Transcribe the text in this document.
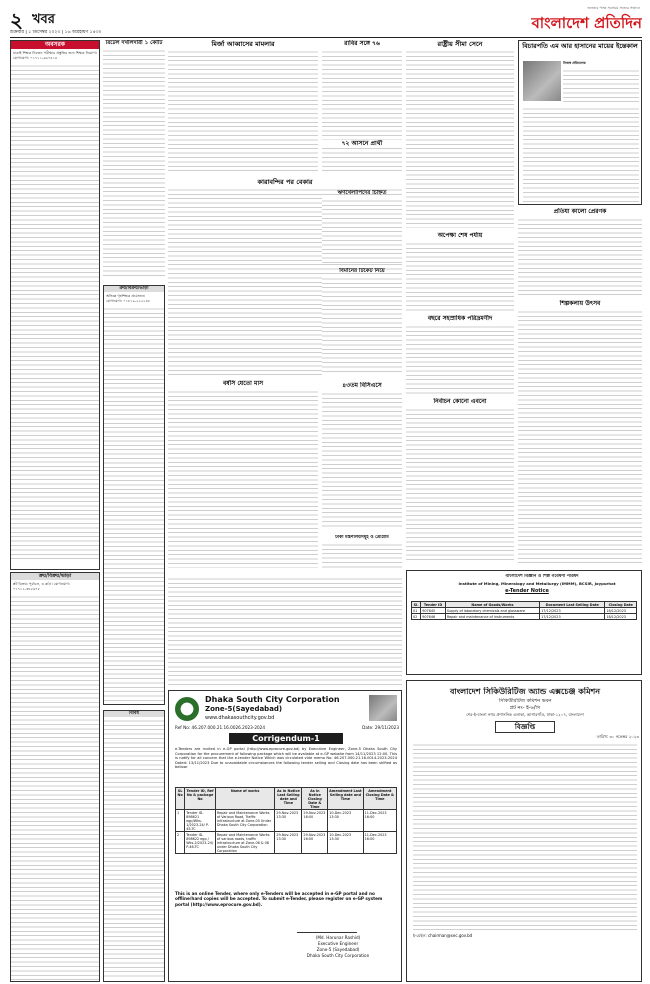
২ খবর
শুক্রবার | ১ ডিসেম্বর ২০২৩ | ১৬ অগ্রহায়ণ ১৪৩০
জনতার পক্ষে সবসময় সত্যের সন্ধানে
বাংলাদেশ প্রতিদিন
অবসরক
ঢাকাই শিক্ষক নিবন্ধন পরীক্ষার প্রস্তুতির জন্য শিক্ষক নিয়োগ। যোগাযোগ: ০১৭১১-৬৬৭৪১৪
ক্রয়/বিক্রয়/ভাড়া
প্লট বিক্রয়: পূর্বাচল, ৩ কাঠা। যোগাযোগ: ০১৭১২-৩৪৫৬৭৮
রিটেল দখলিদারী ১ কোটি
ক্রয়/বিক্রয়/ভাড়া
অভিজ্ঞ গৃহশিক্ষক প্রয়োজন। যোগাযোগ: ০১৮১৯-২২২১৪৮
বিবিধ
মির্জা আব্বাসের মামলার	রাবির সঙ্গে ৭৬	রাষ্ট্রীয় সীমা সেনে	বিচারপতি এম আর হাসানের মায়ের ইন্তেকাল
নিজস্ব প্রতিবেদক
কারাবন্দির পর বেকার
৭২ আসনে প্রার্থী
ঋণখেলাপিদের চিহ্নিত
বিমানের টিকেট নিয়ে
অপেক্ষা শেষ পর্যায়
প্রতিযা কালো প্রেরণক
শিল্পকলায় উৎসব
বছরে সহস্রাধিক পরিদ্রমণীদ
বর্ষসি যেতো মাস	৪৩তম বিসিএসে
নির্বাচন কোনো এবনো
ঢাকা মন্ত্রণালয়সমূহ ও প্রোগ্রাম
বাংলাদেশ বিজ্ঞান ও শিল্প গবেষণা পরিষদ
Institute of Mining, Mineralogy and Metallurgy (IMMM), BCSIR, Joypurhat
e-Tender Notice
Sl.	Tender ID	Name of Goods/Works	Document Last Selling Date	Closing Date
01	907645	Supply of laboratory chemicals and glassware	17/12/2023	18/12/2023
02	907646	Repair and maintenance of instruments	17/12/2023	18/12/2023
Dhaka South City Corporation
Zone-5(Sayedabad)
www.dhakasouthcity.gov.bd
Ref No: 46.207.000.21.16.0026.2023-2024	Date: 29/11/2023
Corrigendum-1
e-Tenders are invited in e-GP portal (http://www.eprocure.gov.bd) by Executive Engineer, Zone-5 Dhaka South City Corporation for the procurement of following package which will be available at e-GP website from 14/11/2023 12:00. This is notify for all concern that the e-tender Notice Which was circulated vide memo No: 46.207.000.21.16.0014.2023-2024 Dated: 13/11/2023 Due to unavoidable circumstances the following tender selling and Closing date has been shifted as bellow:
SL No	Tender ID, Ref No & package No	Name of works	As in Notice Last Selling date and Time	As in Notice Closing Date & Time	Amendment Last Selling date and Time	Amendment Closing Date & Time
1	Tender ID-898621 egp/Wks-1/2023-24/ P-45-TC	Repair and Maintenance Works of Various Road, Traffic Infrastructure at Zone-05 Under Dhaka South City Corporation	29-Nov-2023 13:30	29-Nov-2023 16:00	10-Dec-2023 13:30	11-Dec-2023 16:00
2	Tender ID-898622 egp / Wks-2/2023-24/ P-46-TC	Repair and Maintenance Works of various roads, traffic infrastructure at Zone-06 & 08 under Dhaka South City Corporation	29-Nov-2023 13:30	29-Nov-2023 16:00	10-Dec-2023 13:30	11-Dec-2023 16:00
This is an online Tender, where only e-Tenders will be accepted in e-GP portal and no offline/hard copies will be accepted. To submit e-Tender, please register on e-GP system portal (http://www.eprocure.gov.bd).
(Md. Harunar Rashid)
Executive Engineer
Zone-5 (Sayedabad)
Dhaka South City Corporation
বাংলাদেশ সিকিউরিটিজ অ্যান্ড এক্সচেঞ্জ কমিশন
সিকিউরিটিজ কমিশন ভবন
প্লট নং- ই-৬/সি
শের-ই-বাংলা নগর প্রশাসনিক এলাকা, আগারগাঁও, ঢাকা-১২০৭, বাংলাদেশ
বিজ্ঞপ্তি
তারিখ: ৩০ নভেম্বর ২০২৩
ই-মেইল: chairman@sec.gov.bd
